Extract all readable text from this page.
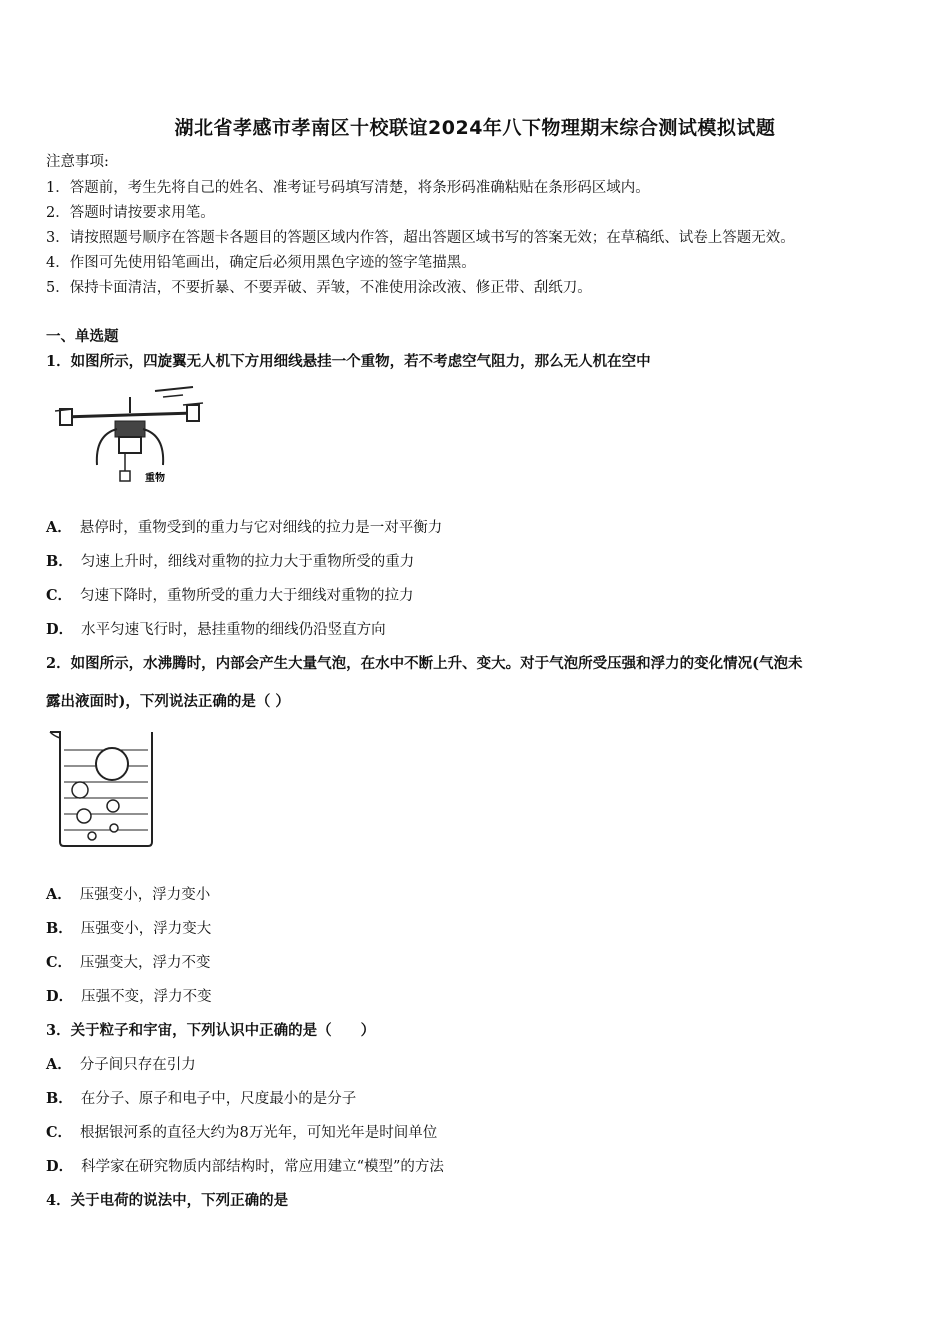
湖北省孝感市孝南区十校联谊2024年八下物理期末综合测试模拟试题
注意事项:
1．答题前，考生先将自己的姓名、准考证号码填写清楚，将条形码准确粘贴在条形码区域内。
2．答题时请按要求用笔。
3．请按照题号顺序在答题卡各题目的答题区域内作答，超出答题区域书写的答案无效；在草稿纸、试卷上答题无效。
4．作图可先使用铅笔画出，确定后必须用黑色字迹的签字笔描黑。
5．保持卡面清洁，不要折暴、不要弄破、弄皱，不准使用涂改液、修正带、刮纸刀。
一、单选题
1．如图所示，四旋翼无人机下方用细线悬挂一个重物，若不考虑空气阻力，那么无人机在空中
重物
A． 悬停时，重物受到的重力与它对细线的拉力是一对平衡力
B． 匀速上升时，细线对重物的拉力大于重物所受的重力
C． 匀速下降时，重物所受的重力大于细线对重物的拉力
D． 水平匀速飞行时，悬挂重物的细线仍沿竖直方向
2．如图所示，水沸腾时，内部会产生大量气泡，在水中不断上升、变大。对于气泡所受压强和浮力的变化情况(气泡未
露出液面时)，下列说法正确的是（ ）
A． 压强变小，浮力变小
B． 压强变小，浮力变大
C． 压强变大，浮力不变
D． 压强不变，浮力不变
3．关于粒子和宇宙，下列认识中正确的是（　　）
A． 分子间只存在引力
B． 在分子、原子和电子中，尺度最小的是分子
C． 根据银河系的直径大约为8万光年，可知光年是时间单位
D． 科学家在研究物质内部结构时，常应用建立“模型”的方法
4．关于电荷的说法中，下列正确的是
